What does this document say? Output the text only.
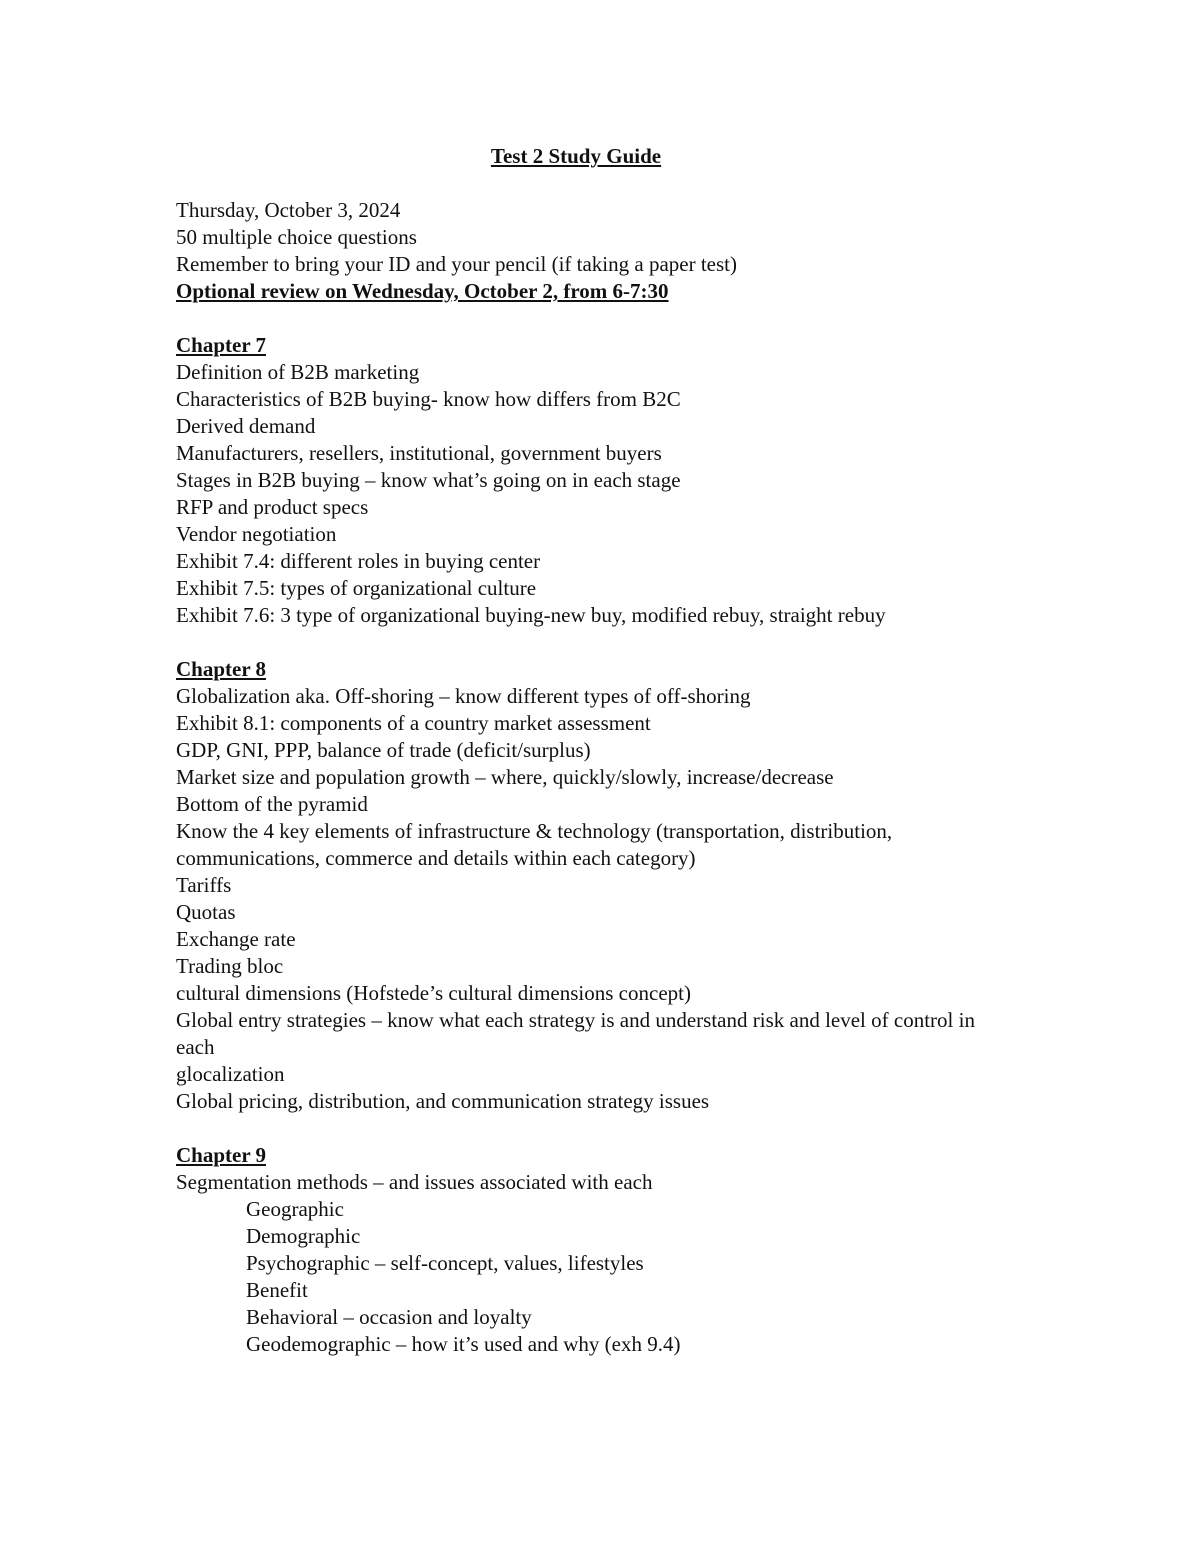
Test 2 Study Guide
Thursday, October 3, 2024
50 multiple choice questions
Remember to bring your ID and your pencil (if taking a paper test)
Optional review on Wednesday, October 2, from 6-7:30
Chapter 7
Definition of B2B marketing
Characteristics of B2B buying- know how differs from B2C
Derived demand
Manufacturers, resellers, institutional, government buyers
Stages in B2B buying – know what’s going on in each stage
RFP and product specs
Vendor negotiation
Exhibit 7.4: different roles in buying center
Exhibit 7.5: types of organizational culture
Exhibit 7.6: 3 type of organizational buying-new buy, modified rebuy, straight rebuy
Chapter 8
Globalization aka. Off-shoring – know different types of off-shoring
Exhibit 8.1: components of a country market assessment
GDP, GNI, PPP, balance of trade (deficit/surplus)
Market size and population growth – where, quickly/slowly, increase/decrease
Bottom of the pyramid
Know the 4 key elements of infrastructure & technology (transportation, distribution, communications, commerce and details within each category)
Tariffs
Quotas
Exchange rate
Trading bloc
cultural dimensions (Hofstede’s cultural dimensions concept)
Global entry strategies – know what each strategy is and understand risk and level of control in each
glocalization
Global pricing, distribution, and communication strategy issues
Chapter 9
Segmentation methods – and issues associated with each
Geographic
Demographic
Psychographic – self-concept, values, lifestyles
Benefit
Behavioral – occasion and loyalty
Geodemographic – how it’s used and why (exh 9.4)
